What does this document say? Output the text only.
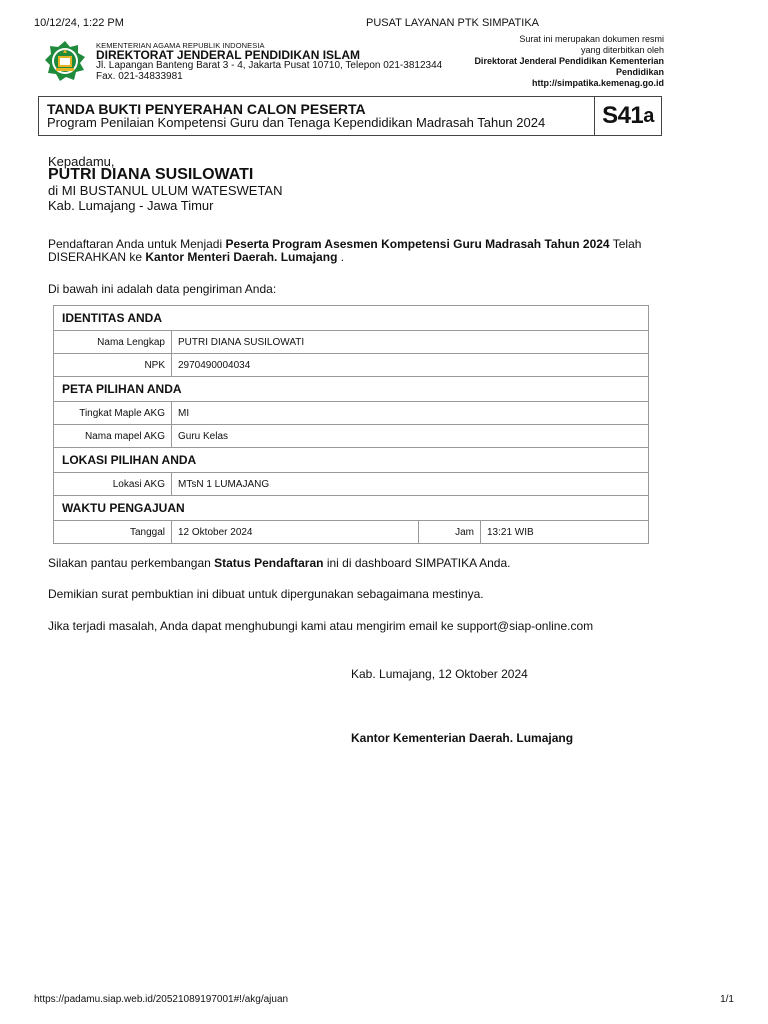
10/12/24, 1:22 PM	PUSAT LAYANAN PTK SIMPATIKA
KEMENTERIAN AGAMA REPUBLIK INDONESIA
DIREKTORAT JENDERAL PENDIDIKAN ISLAM
Jl. Lapangan Banteng Barat 3 - 4, Jakarta Pusat 10710, Telepon 021-3812344
Fax. 021-34833981
Surat ini merupakan dokumen resmi
yang diterbitkan oleh
Direktorat Jenderal Pendidikan Kementerian
Pendidikan
http://simpatika.kemenag.go.id
TANDA BUKTI PENYERAHAN CALON PESERTA
Program Penilaian Kompetensi Guru dan Tenaga Kependidikan Madrasah Tahun 2024 S41 a
Kepadamu,
PUTRI DIANA SUSILOWATI
di MI BUSTANUL ULUM WATESWETAN
Kab. Lumajang - Jawa Timur
Pendaftaran Anda untuk Menjadi Peserta Program Asesmen Kompetensi Guru Madrasah Tahun 2024 Telah
DISERAHKAN ke Kantor Menteri Daerah. Lumajang .
Di bawah ini adalah data pengiriman Anda:
IDENTITAS ANDA			
Nama Lengkap	PUTRI DIANA SUSILOWATI		
NPK	2970490004034		
PETA PILIHAN ANDA			
Tingkat Maple AKG	MI		
Nama mapel AKG	Guru Kelas		
LOKASI PILIHAN ANDA			
Lokasi AKG	MTsN 1 LUMAJANG		
WAKTU PENGAJUAN			
Tanggal	12 Oktober 2024	Jam	13:21 WIB
Silakan pantau perkembangan Status Pendaftaran ini di dashboard SIMPATIKA Anda.
Demikian surat pembuktian ini dibuat untuk dipergunakan sebagaimana mestinya.
Jika terjadi masalah, Anda dapat menghubungi kami atau mengirim email ke support@siap-online.com
Kab. Lumajang, 12 Oktober 2024
Kantor Kementerian Daerah. Lumajang
https://padamu.siap.web.id/20521089197001#!/akg/ajuan	1/1
